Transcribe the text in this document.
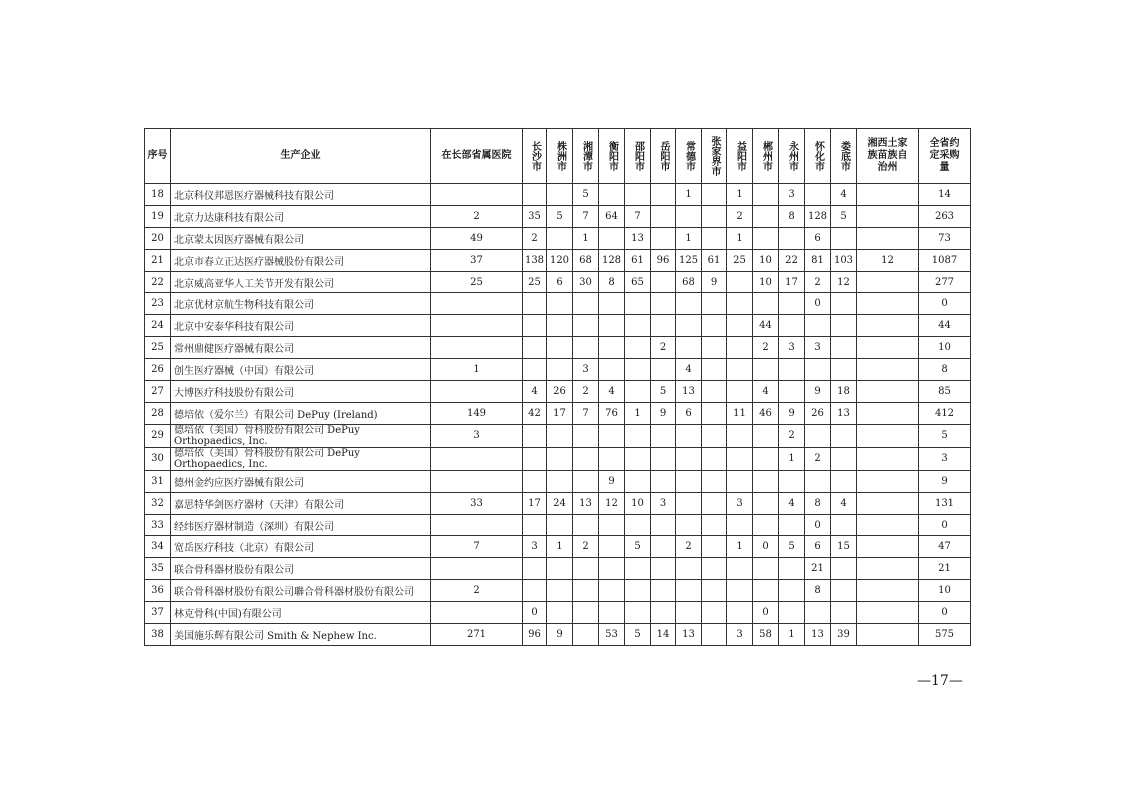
序号	生产企业	在长部省属医院	长沙市	株洲市	湘潭市	衡阳市	邵阳市	岳阳市	常德市	张家界市	益阳市	郴州市	永州市	怀化市	娄底市	湘西土家族苗族自治州	全省约定采购量
18	北京科仪邦恩医疗器械科技有限公司				5				1		1		3		4		14
19	北京力达康科技有限公司	2	35	5	7	64	7				2		8	128	5		263
20	北京蒙太因医疗器械有限公司	49	2		1		13		1		1			6			73
21	北京市春立正达医疗器械股份有限公司	37	138	120	68	128	61	96	125	61	25	10	22	81	103	12	1087
22	北京威高亚华人工关节开发有限公司	25	25	6	30	8	65		68	9		10	17	2	12		277
23	北京优材京航生物科技有限公司													0			0
24	北京中安泰华科技有限公司											44					44
25	常州鼎健医疗器械有限公司							2				2	3	3			10
26	创生医疗器械（中国）有限公司	1			3				4								8
27	大博医疗科技股份有限公司		4	26	2	4		5	13			4		9	18		85
28	德培依（爱尔兰）有限公司 DePuy (Ireland)	149	42	17	7	76	1	9	6		11	46	9	26	13		412
29	德培依（美国）骨科股份有限公司 DePuy Orthopaedics, Inc.	3											2				5
30	德培依（美国）骨科股份有限公司 DePuy Orthopaedics, Inc.												1	2			3
31	德州金约应医疗器械有限公司					9											9
32	嘉思特华剑医疗器材（天津）有限公司	33	17	24	13	12	10	3			3		4	8	4		131
33	经纬医疗器材制造（深圳）有限公司													0			0
34	宽岳医疗科技（北京）有限公司	7	3	1	2		5		2		1	0	5	6	15		47
35	联合骨科器材股份有限公司													21			21
36	联合骨科器材股份有限公司聯合骨科器材股份有限公司	2												8			10
37	林克骨科(中国)有限公司		0									0					0
38	美国施乐辉有限公司 Smith & Nephew Inc.	271	96	9		53	5	14	13		3	58	1	13	39		575
—17—
